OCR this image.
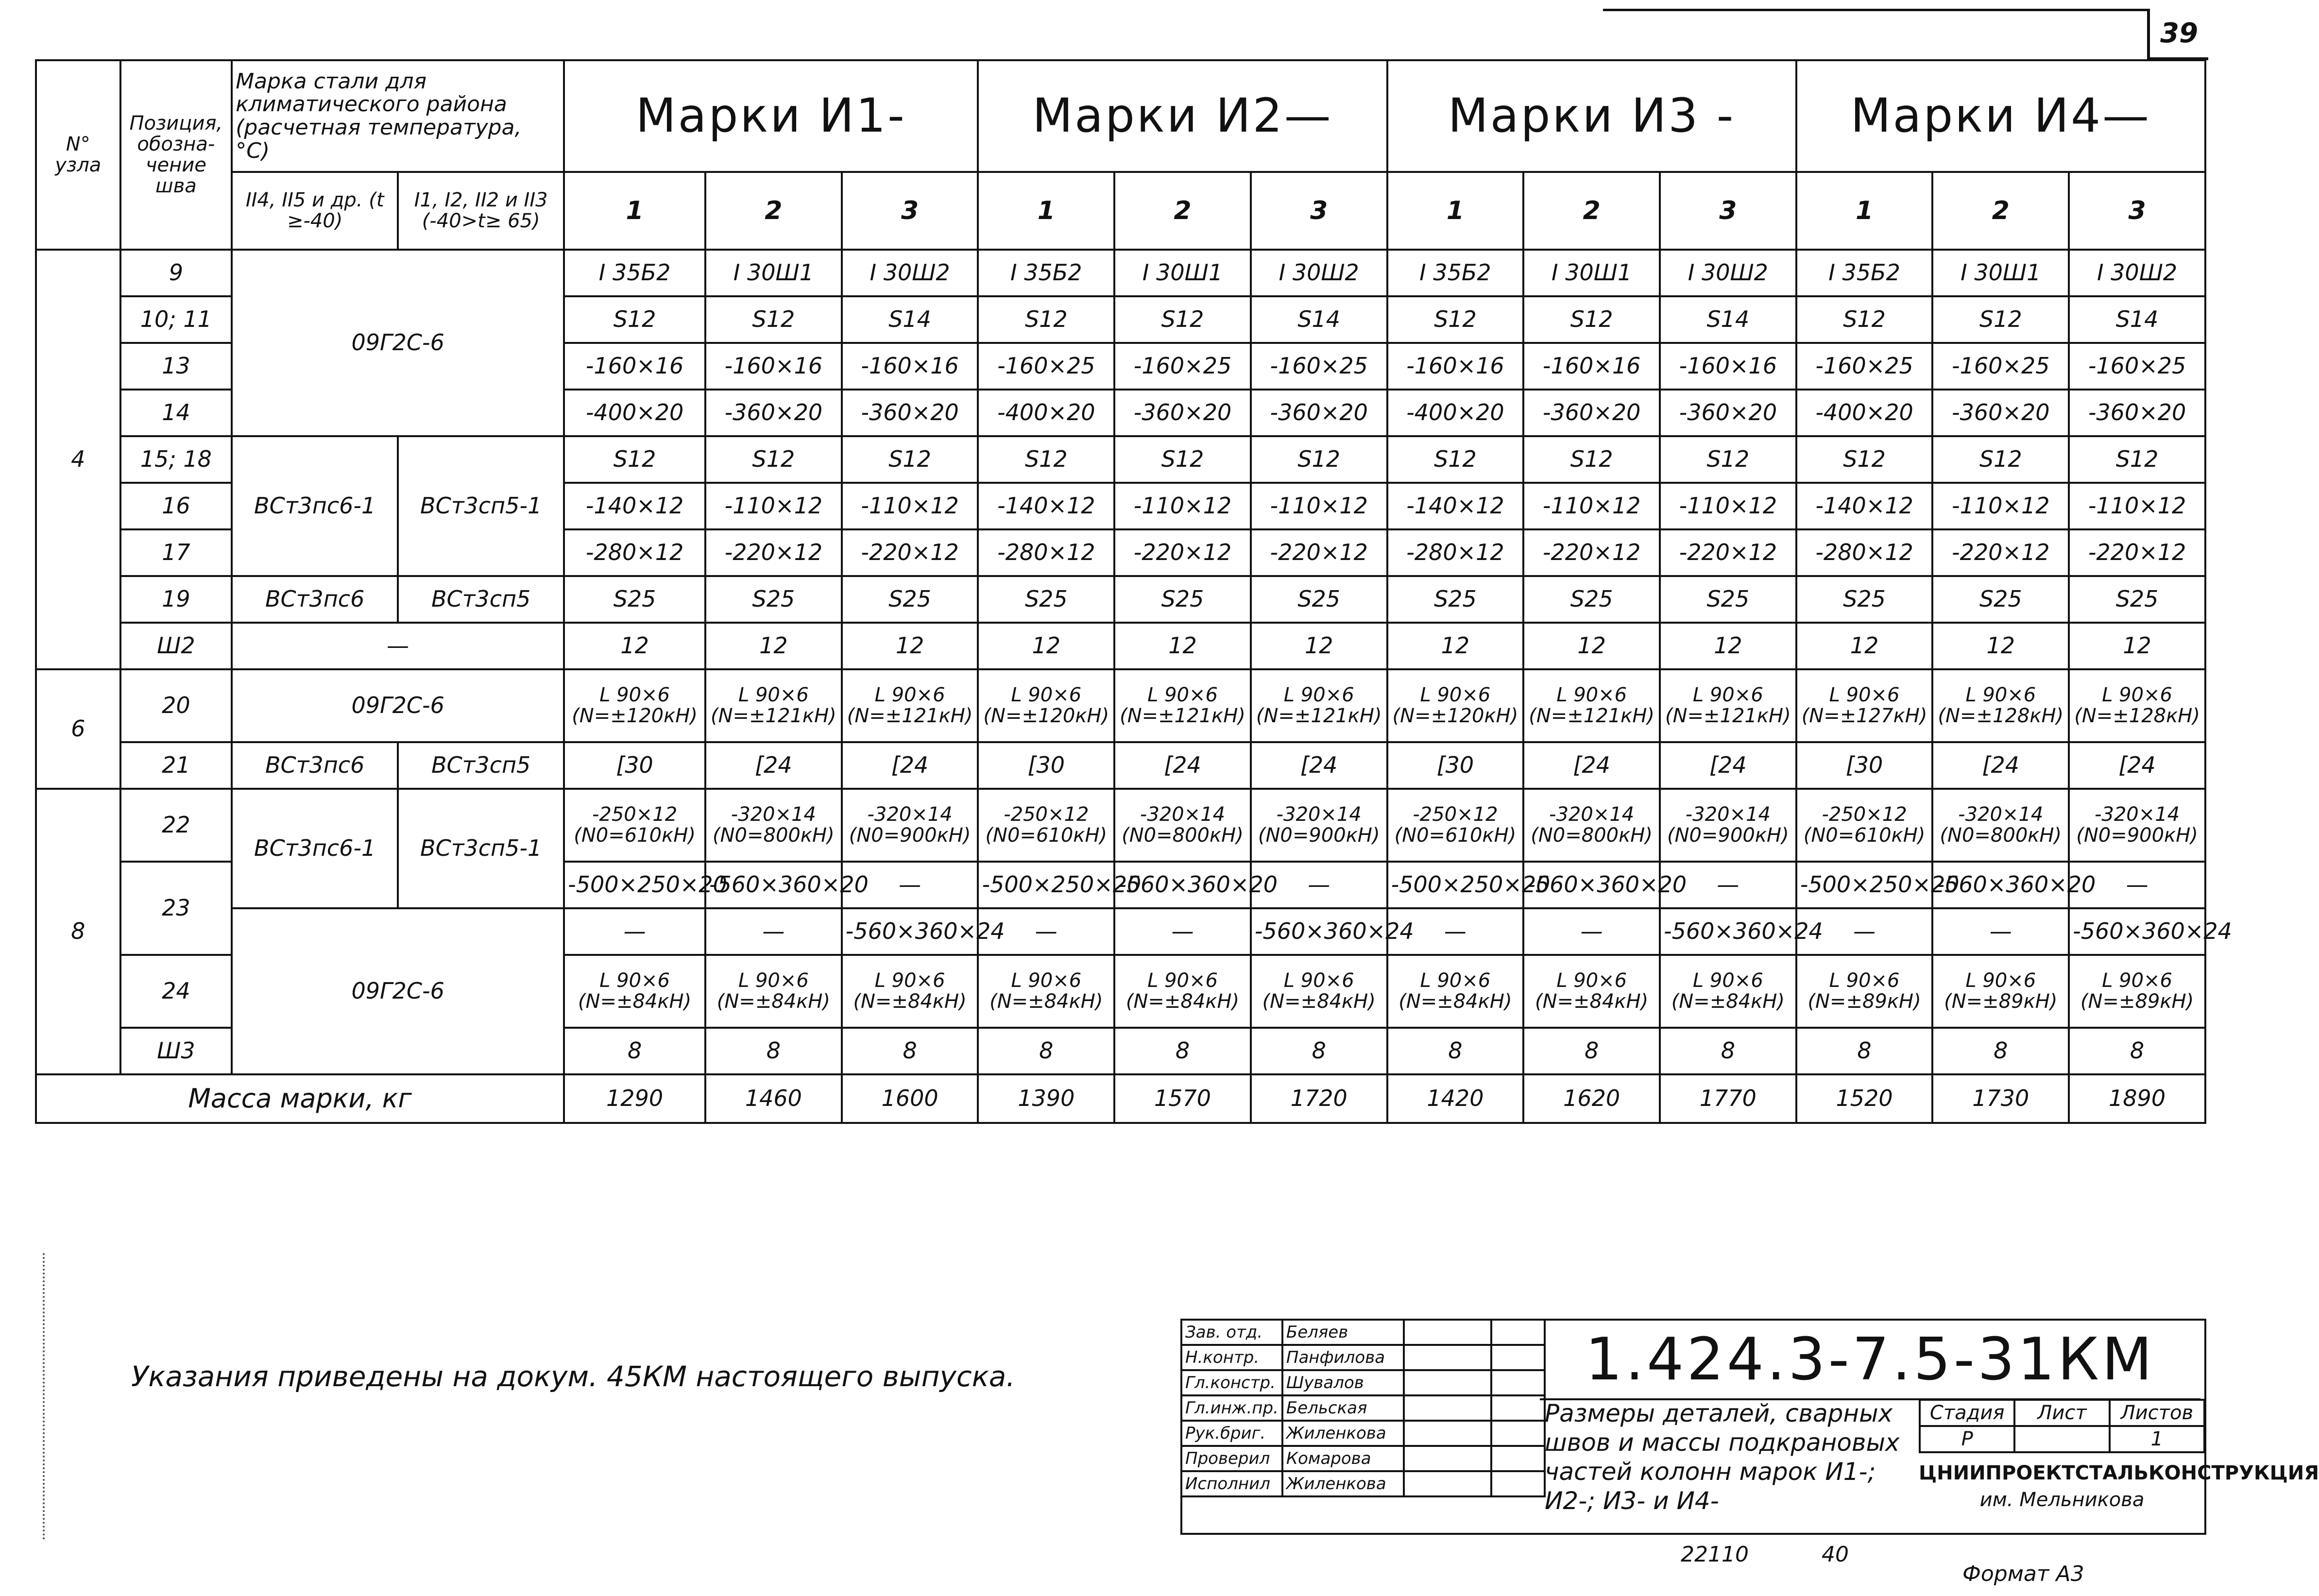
39
N° узла	Позиция, обозна- чение шва	Марка стали для климатического района (расчетная температура, °С)		Марки И1-			Марки И2—			Марки И3 -			Марки И4—		
		II4, II5 и др. (t ≥-40)	I1, I2, II2 и II3 (-40>t≥ 65)	1	2	3	1	2	3	1	2	3	1	2	3
4	9	09Г2С-6		I 35Б2	I 30Ш1	I 30Ш2	I 35Б2	I 30Ш1	I 30Ш2	I 35Б2	I 30Ш1	I 30Ш2	I 35Б2	I 30Ш1	I 30Ш2
	10; 11			S12	S12	S14	S12	S12	S14	S12	S12	S14	S12	S12	S14
	13			-160×16	-160×16	-160×16	-160×25	-160×25	-160×25	-160×16	-160×16	-160×16	-160×25	-160×25	-160×25
	14			-400×20	-360×20	-360×20	-400×20	-360×20	-360×20	-400×20	-360×20	-360×20	-400×20	-360×20	-360×20
	15; 18	ВСт3пс6-1	ВСт3сп5-1	S12	S12	S12	S12	S12	S12	S12	S12	S12	S12	S12	S12
	16			-140×12	-110×12	-110×12	-140×12	-110×12	-110×12	-140×12	-110×12	-110×12	-140×12	-110×12	-110×12
	17			-280×12	-220×12	-220×12	-280×12	-220×12	-220×12	-280×12	-220×12	-220×12	-280×12	-220×12	-220×12
	19	ВСт3пс6	ВСт3сп5	S25	S25	S25	S25	S25	S25	S25	S25	S25	S25	S25	S25
	Ш2	—		12	12	12	12	12	12	12	12	12	12	12	12
6	20	09Г2С-6		L 90×6 (N=±120кН)	L 90×6 (N=±121кН)	L 90×6 (N=±121кН)	L 90×6 (N=±120кН)	L 90×6 (N=±121кН)	L 90×6 (N=±121кН)	L 90×6 (N=±120кН)	L 90×6 (N=±121кН)	L 90×6 (N=±121кН)	L 90×6 (N=±127кН)	L 90×6 (N=±128кН)	L 90×6 (N=±128кН)
	21	ВСт3пс6	ВСт3сп5	[30	[24	[24	[30	[24	[24	[30	[24	[24	[30	[24	[24
8	22	ВСт3пс6-1	ВСт3сп5-1	-250×12 (N0=610кН)	-320×14 (N0=800кН)	-320×14 (N0=900кН)	-250×12 (N0=610кН)	-320×14 (N0=800кН)	-320×14 (N0=900кН)	-250×12 (N0=610кН)	-320×14 (N0=800кН)	-320×14 (N0=900кН)	-250×12 (N0=610кН)	-320×14 (N0=800кН)	-320×14 (N0=900кН)
	23			-500×250×20	-560×360×20	—	-500×250×20	-560×360×20	—	-500×250×20	-560×360×20	—	-500×250×20	-560×360×20	—
		09Г2С-6		—	—	-560×360×24	—	—	-560×360×24	—	—	-560×360×24	—	—	-560×360×24
	24			L 90×6 (N=±84кН)	L 90×6 (N=±84кН)	L 90×6 (N=±84кН)	L 90×6 (N=±84кН)	L 90×6 (N=±84кН)	L 90×6 (N=±84кН)	L 90×6 (N=±84кН)	L 90×6 (N=±84кН)	L 90×6 (N=±84кН)	L 90×6 (N=±89кН)	L 90×6 (N=±89кН)	L 90×6 (N=±89кН)
	Ш3			8	8	8	8	8	8	8	8	8	8	8	8
Масса марки, кг				1290	1460	1600	1390	1570	1720	1420	1620	1770	1520	1730	1890
Указания приведены на докум. 45КМ настоящего выпуска.
Зав. отд.	Беляев		
Н.контр.	Панфилова		
Гл.констр.	Шувалов		
Гл.инж.пр.	Бельская		
Рук.бриг.	Жиленкова		
Проверил	Комарова		
Исполнил	Жиленкова		
1.424.3-7.5-31КМ
Размеры деталей, сварных швов и массы подкрановых частей колонн марок И1-; И2-; И3- и И4-
Стадия	Лист	Листов
Р		1
ЦНИИПРОЕКТСТАЛЬКОНСТРУКЦИЯ
им. Мельникова
22110	40
Формат А3
